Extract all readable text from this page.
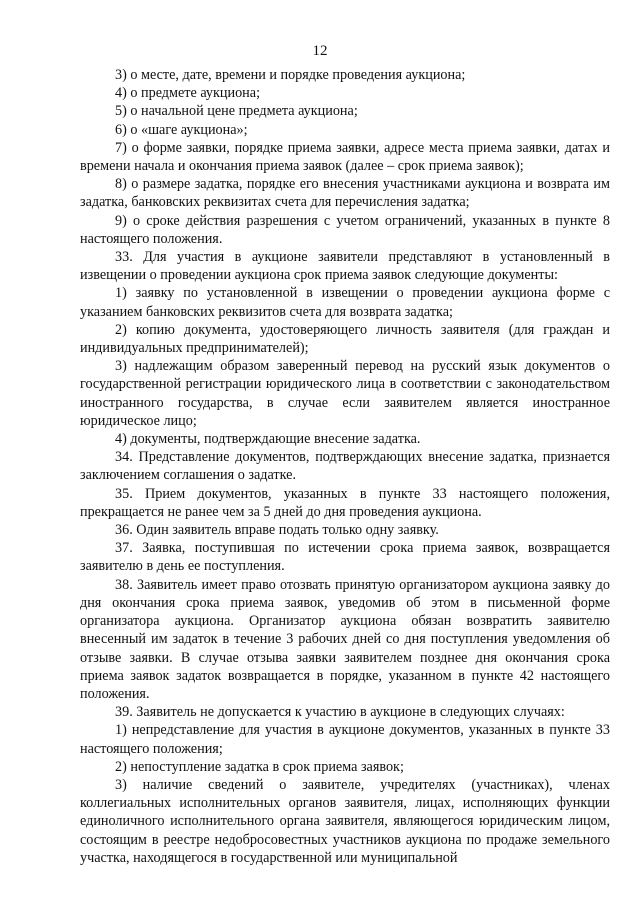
12

3) о месте, дате, времени и порядке проведения аукциона;

4) о предмете аукциона;

5) о начальной цене предмета аукциона;

6) о «шаге аукциона»;

7) о форме заявки, порядке приема заявки, адресе места приема заявки, датах и времени начала и окончания приема заявок (далее – срок приема заявок);

8) о размере задатка, порядке его внесения участниками аукциона и возврата им задатка, банковских реквизитах счета для перечисления задатка;

9) о сроке действия разрешения с учетом ограничений, указанных в пункте 8 настоящего положения.

33. Для участия в аукционе заявители представляют в установленный в извещении о проведении аукциона срок приема заявок следующие документы:

1) заявку по установленной в извещении о проведении аукциона форме с указанием банковских реквизитов счета для возврата задатка;

2) копию документа, удостоверяющего личность заявителя (для граждан и индивидуальных предпринимателей);

3) надлежащим образом заверенный перевод на русский язык документов о государственной регистрации юридического лица в соответствии с законодательством иностранного государства, в случае если заявителем является иностранное юридическое лицо;

4) документы, подтверждающие внесение задатка.

34. Представление документов, подтверждающих внесение задатка, признается заключением соглашения о задатке.

35. Прием документов, указанных в пункте 33 настоящего положения, прекращается не ранее чем за 5 дней до дня проведения аукциона.

36. Один заявитель вправе подать только одну заявку.

37. Заявка, поступившая по истечении срока приема заявок, возвращается заявителю в день ее поступления.

38. Заявитель имеет право отозвать принятую организатором аукциона заявку до дня окончания срока приема заявок, уведомив об этом в письменной форме организатора аукциона. Организатор аукциона обязан возвратить заявителю внесенный им задаток в течение 3 рабочих дней со дня поступления уведомления об отзыве заявки. В случае отзыва заявки заявителем позднее дня окончания срока приема заявок задаток возвращается в порядке, указанном в пункте 42 настоящего положения.

39. Заявитель не допускается к участию в аукционе в следующих случаях:

1) непредставление для участия в аукционе документов, указанных в пункте 33 настоящего положения;

2) непоступление задатка в срок приема заявок;

3) наличие сведений о заявителе, учредителях (участниках), членах коллегиальных исполнительных органов заявителя, лицах, исполняющих функции единоличного исполнительного органа заявителя, являющегося юридическим лицом, состоящим в реестре недобросовестных участников аукциона по продаже земельного участка, находящегося в государственной или муниципальной
